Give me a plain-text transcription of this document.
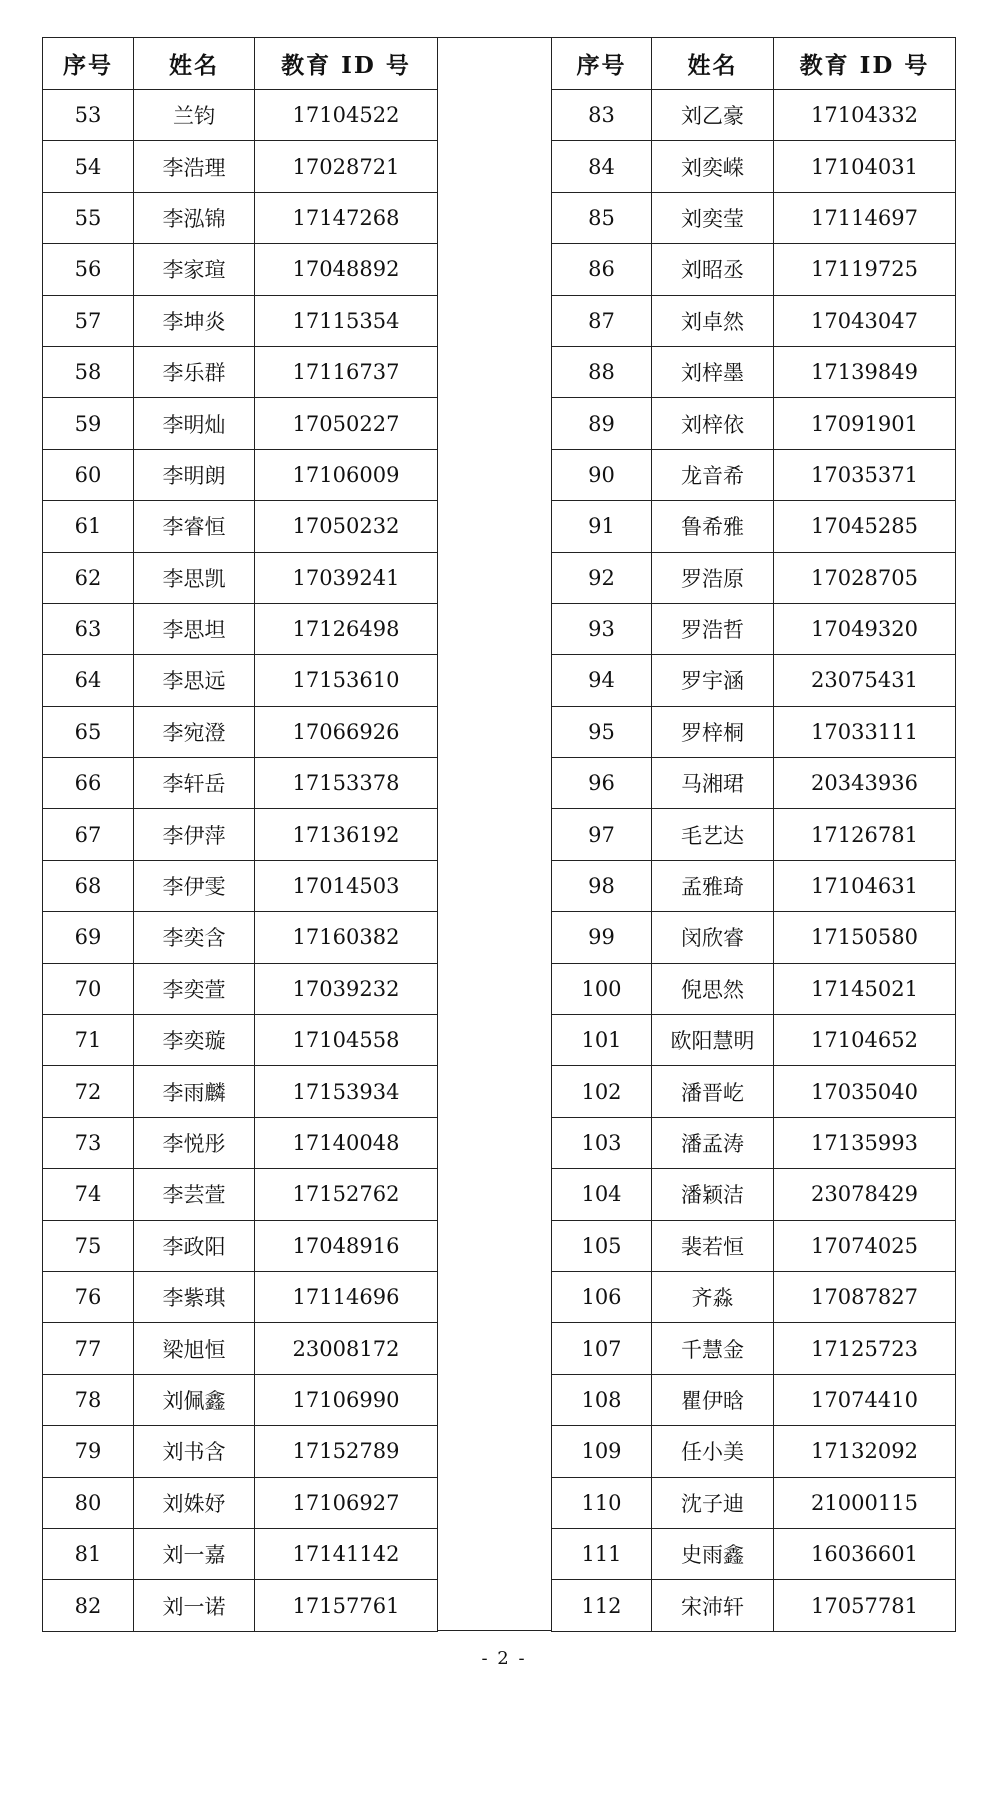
序号	姓名	教育 ID 号
53	兰钧	17104522
54	李浩理	17028721
55	李泓锦	17147268
56	李家瑄	17048892
57	李坤炎	17115354
58	李乐群	17116737
59	李明灿	17050227
60	李明朗	17106009
61	李睿恒	17050232
62	李思凯	17039241
63	李思坦	17126498
64	李思远	17153610
65	李宛澄	17066926
66	李轩岳	17153378
67	李伊萍	17136192
68	李伊雯	17014503
69	李奕含	17160382
70	李奕萱	17039232
71	李奕璇	17104558
72	李雨麟	17153934
73	李悦彤	17140048
74	李芸萱	17152762
75	李政阳	17048916
76	李紫琪	17114696
77	梁旭恒	23008172
78	刘佩鑫	17106990
79	刘书含	17152789
80	刘姝妤	17106927
81	刘一嘉	17141142
82	刘一诺	17157761
序号	姓名	教育 ID 号
83	刘乙豪	17104332
84	刘奕嵘	17104031
85	刘奕莹	17114697
86	刘昭丞	17119725
87	刘卓然	17043047
88	刘梓墨	17139849
89	刘梓依	17091901
90	龙音希	17035371
91	鲁希雅	17045285
92	罗浩原	17028705
93	罗浩哲	17049320
94	罗宇涵	23075431
95	罗梓桐	17033111
96	马湘珺	20343936
97	毛艺达	17126781
98	孟雅琦	17104631
99	闵欣睿	17150580
100	倪思然	17145021
101	欧阳慧明	17104652
102	潘晋屹	17035040
103	潘孟涛	17135993
104	潘颖洁	23078429
105	裴若恒	17074025
106	齐淼	17087827
107	千慧金	17125723
108	瞿伊晗	17074410
109	任小美	17132092
110	沈子迪	21000115
111	史雨鑫	16036601
112	宋沛轩	17057781
- 2 -
